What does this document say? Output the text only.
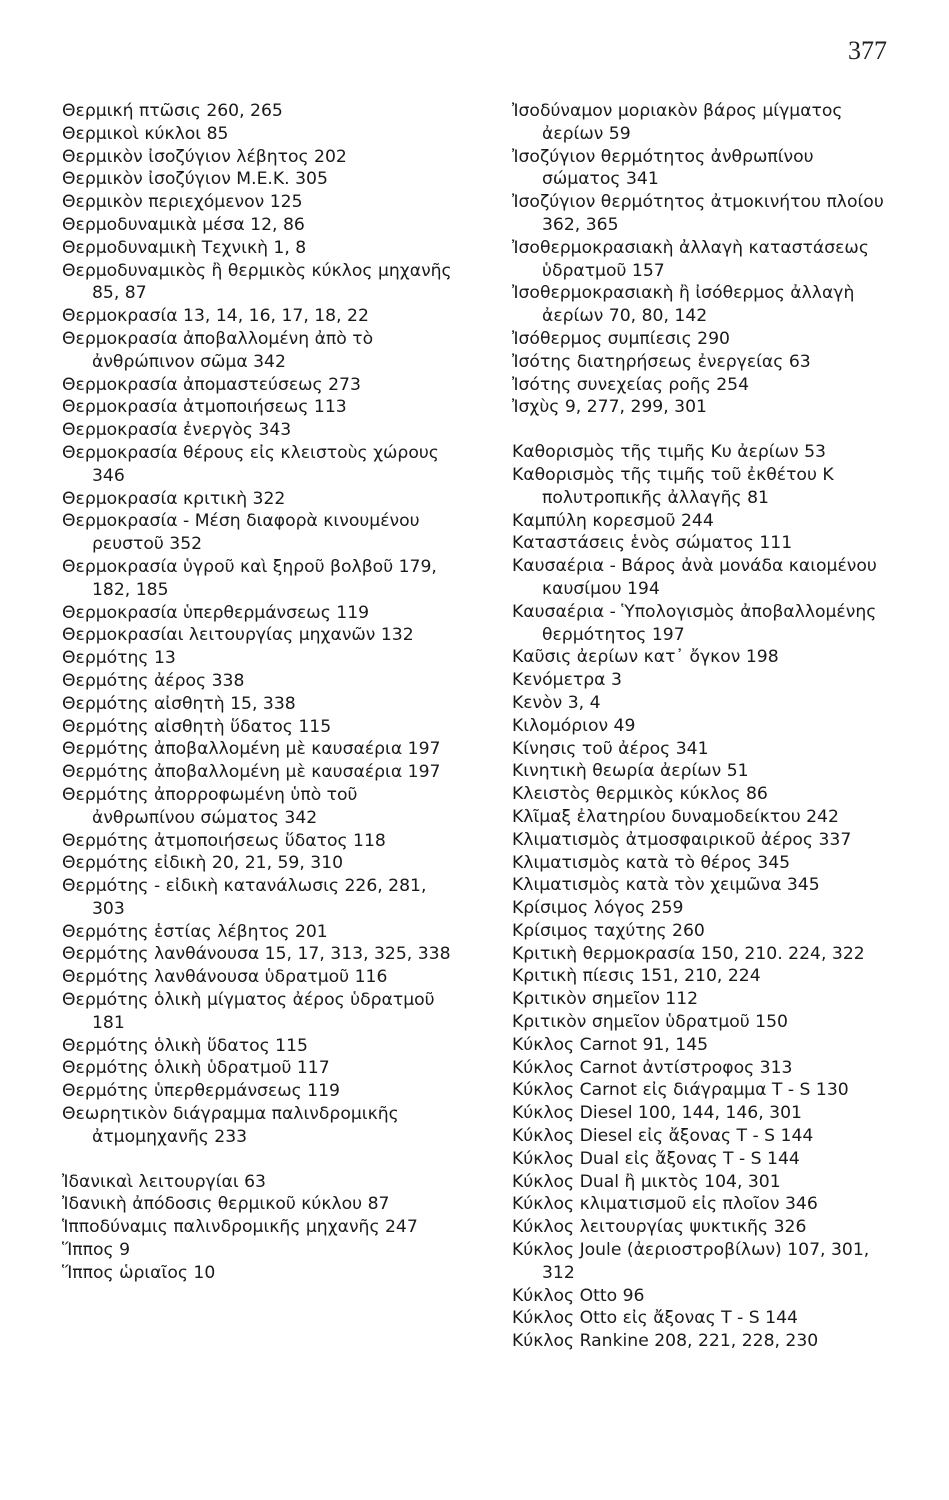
377
Θερμική πτῶσις 260, 265
Θερμικοὶ κύκλοι 85
Θερμικὸν ἰσοζύγιον λέβητος 202
Θερμικὸν ἰσοζύγιον Μ.Ε.Κ. 305
Θερμικὸν περιεχόμενον 125
Θερμοδυναμικὰ μέσα 12, 86
Θερμοδυναμικὴ Τεχνικὴ 1, 8
Θερμοδυναμικὸς ἢ θερμικὸς κύκλος μηχανῆς 85, 87
Θερμοκρασία 13, 14, 16, 17, 18, 22
Θερμοκρασία ἀποβαλλομένη ἀπὸ τὸ ἀνθρώπινον σῶμα 342
Θερμοκρασία ἀπομαστεύσεως 273
Θερμοκρασία ἀτμοποιήσεως 113
Θερμοκρασία ἐνεργὸς 343
Θερμοκρασία θέρους εἰς κλειστοὺς χώρους 346
Θερμοκρασία κριτικὴ 322
Θερμοκρασία - Μέση διαφορὰ κινουμένου ρευστοῦ 352
Θερμοκρασία ὑγροῦ καὶ ξηροῦ βολβοῦ 179, 182, 185
Θερμοκρασία ὑπερθερμάνσεως 119
Θερμοκρασίαι λειτουργίας μηχανῶν 132
Θερμότης 13
Θερμότης ἀέρος 338
Θερμότης αἰσθητὴ 15, 338
Θερμότης αἰσθητὴ ὕδατος 115
Θερμότης ἀποβαλλομένη μὲ καυσαέρια 197
Θερμότης ἀποβαλλομένη μὲ καυσαέρια 197
Θερμότης ἀπορροφωμένη ὑπὸ τοῦ ἀνθρωπίνου σώματος 342
Θερμότης ἀτμοποιήσεως ὕδατος 118
Θερμότης εἰδικὴ 20, 21, 59, 310
Θερμότης - εἰδικὴ κατανάλωσις 226, 281, 303
Θερμότης ἑστίας λέβητος 201
Θερμότης λανθάνουσα 15, 17, 313, 325, 338
Θερμότης λανθάνουσα ὑδρατμοῦ 116
Θερμότης ὁλικὴ μίγματος ἀέρος ὑδρατμοῦ 181
Θερμότης ὁλικὴ ὕδατος 115
Θερμότης ὁλικὴ ὑδρατμοῦ 117
Θερμότης ὑπερθερμάνσεως 119
Θεωρητικὸν διάγραμμα παλινδρομικῆς ἀτμομηχανῆς 233
Ἰδανικαὶ λειτουργίαι 63
Ἰδανικὴ ἀπόδοσις θερμικοῦ κύκλου 87
Ἱπποδύναμις παλινδρομικῆς μηχανῆς 247
Ἵππος 9
Ἵππος ὡριαῖος 10
Ἰσοδύναμον μοριακὸν βάρος μίγματος ἀερίων 59
Ἰσοζύγιον θερμότητος ἀνθρωπίνου σώματος 341
Ἰσοζύγιον θερμότητος ἀτμοκινήτου πλοίου 362, 365
Ἰσοθερμοκρασιακὴ ἀλλαγὴ καταστάσεως ὑδρατμοῦ 157
Ἰσοθερμοκρασιακὴ ἢ ἰσόθερμος ἀλλαγὴ ἀερίων 70, 80, 142
Ἰσόθερμος συμπίεσις 290
Ἰσότης διατηρήσεως ἐνεργείας 63
Ἰσότης συνεχείας ροῆς 254
Ἰσχὺς 9, 277, 299, 301
Καθορισμὸς τῆς τιμῆς Κυ ἀερίων 53
Καθορισμὸς τῆς τιμῆς τοῦ ἐκθέτου Κ πολυτροπικῆς ἀλλαγῆς 81
Καμπύλη κορεσμοῦ 244
Καταστάσεις ἑνὸς σώματος 111
Καυσαέρια - Βάρος ἀνὰ μονάδα καιομένου καυσίμου 194
Καυσαέρια - Ὑπολογισμὸς ἀποβαλλομένης θερμότητος 197
Καῦσις ἀερίων κατ᾽ ὄγκον 198
Κενόμετρα 3
Κενὸν 3, 4
Κιλομόριον 49
Κίνησις τοῦ ἀέρος 341
Κινητικὴ θεωρία ἀερίων 51
Κλειστὸς θερμικὸς κύκλος 86
Κλῖμαξ ἐλατηρίου δυναμοδείκτου 242
Κλιματισμὸς ἀτμοσφαιρικοῦ ἀέρος 337
Κλιματισμὸς κατὰ τὸ θέρος 345
Κλιματισμὸς κατὰ τὸν χειμῶνα 345
Κρίσιμος λόγος 259
Κρίσιμος ταχύτης 260
Κριτικὴ θερμοκρασία 150, 210. 224, 322
Κριτικὴ πίεσις 151, 210, 224
Κριτικὸν σημεῖον 112
Κριτικὸν σημεῖον ὑδρατμοῦ 150
Κύκλος Carnot 91, 145
Κύκλος Carnot ἀντίστροφος 313
Κύκλος Carnot εἰς διάγραμμα T - S 130
Κύκλος Diesel 100, 144, 146, 301
Κύκλος Diesel εἰς ἄξονας T - S 144
Κύκλος Dual εἰς ἄξονας T - S 144
Κύκλος Dual ἢ μικτὸς 104, 301
Κύκλος κλιματισμοῦ εἰς πλοῖον 346
Κύκλος λειτουργίας ψυκτικῆς 326
Κύκλος Joule (ἀεριοστροβίλων) 107, 301, 312
Κύκλος Otto 96
Κύκλος Otto εἰς ἄξονας T - S 144
Κύκλος Rankine 208, 221, 228, 230
